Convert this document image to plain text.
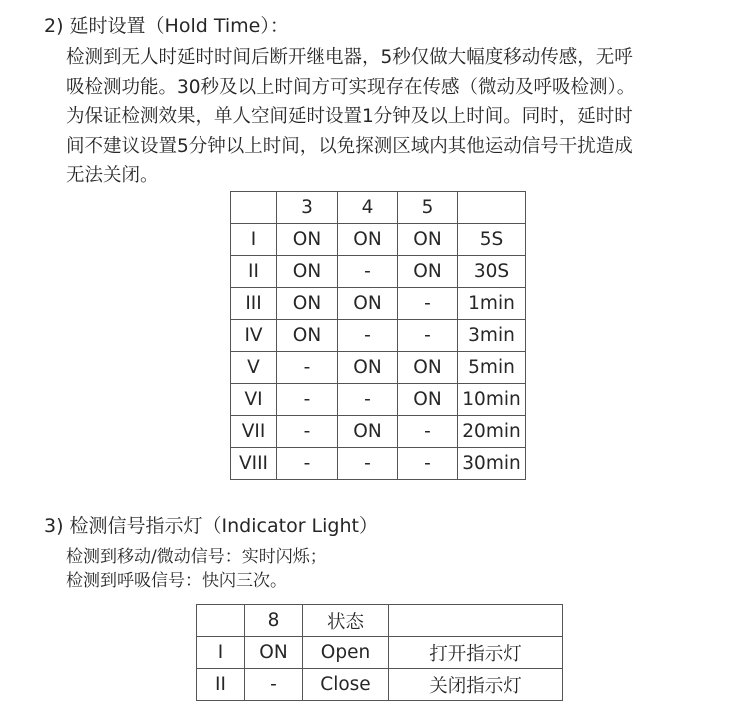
2) 延时设置（Hold Time）：
检测到无人时延时时间后断开继电器，5秒仅做大幅度移动传感，无呼
吸检测功能。30秒及以上时间方可实现存在传感（微动及呼吸检测）。
为保证检测效果，单人空间延时设置1分钟及以上时间。同时，延时时
间不建议设置5分钟以上时间，以免探测区域内其他运动信号干扰造成
无法关闭。
	3	4	5	
I	ON	ON	ON	5S
II	ON	-	ON	30S
III	ON	ON	-	1min
IV	ON	-	-	3min
V	-	ON	ON	5min
VI	-	-	ON	10min
VII	-	ON	-	20min
VIII	-	-	-	30min
3) 检测信号指示灯（Indicator Light）
检测到移动/微动信号：实时闪烁；
检测到呼吸信号：快闪三次。
	8	状态	
I	ON	Open	打开指示灯
II	-	Close	关闭指示灯
